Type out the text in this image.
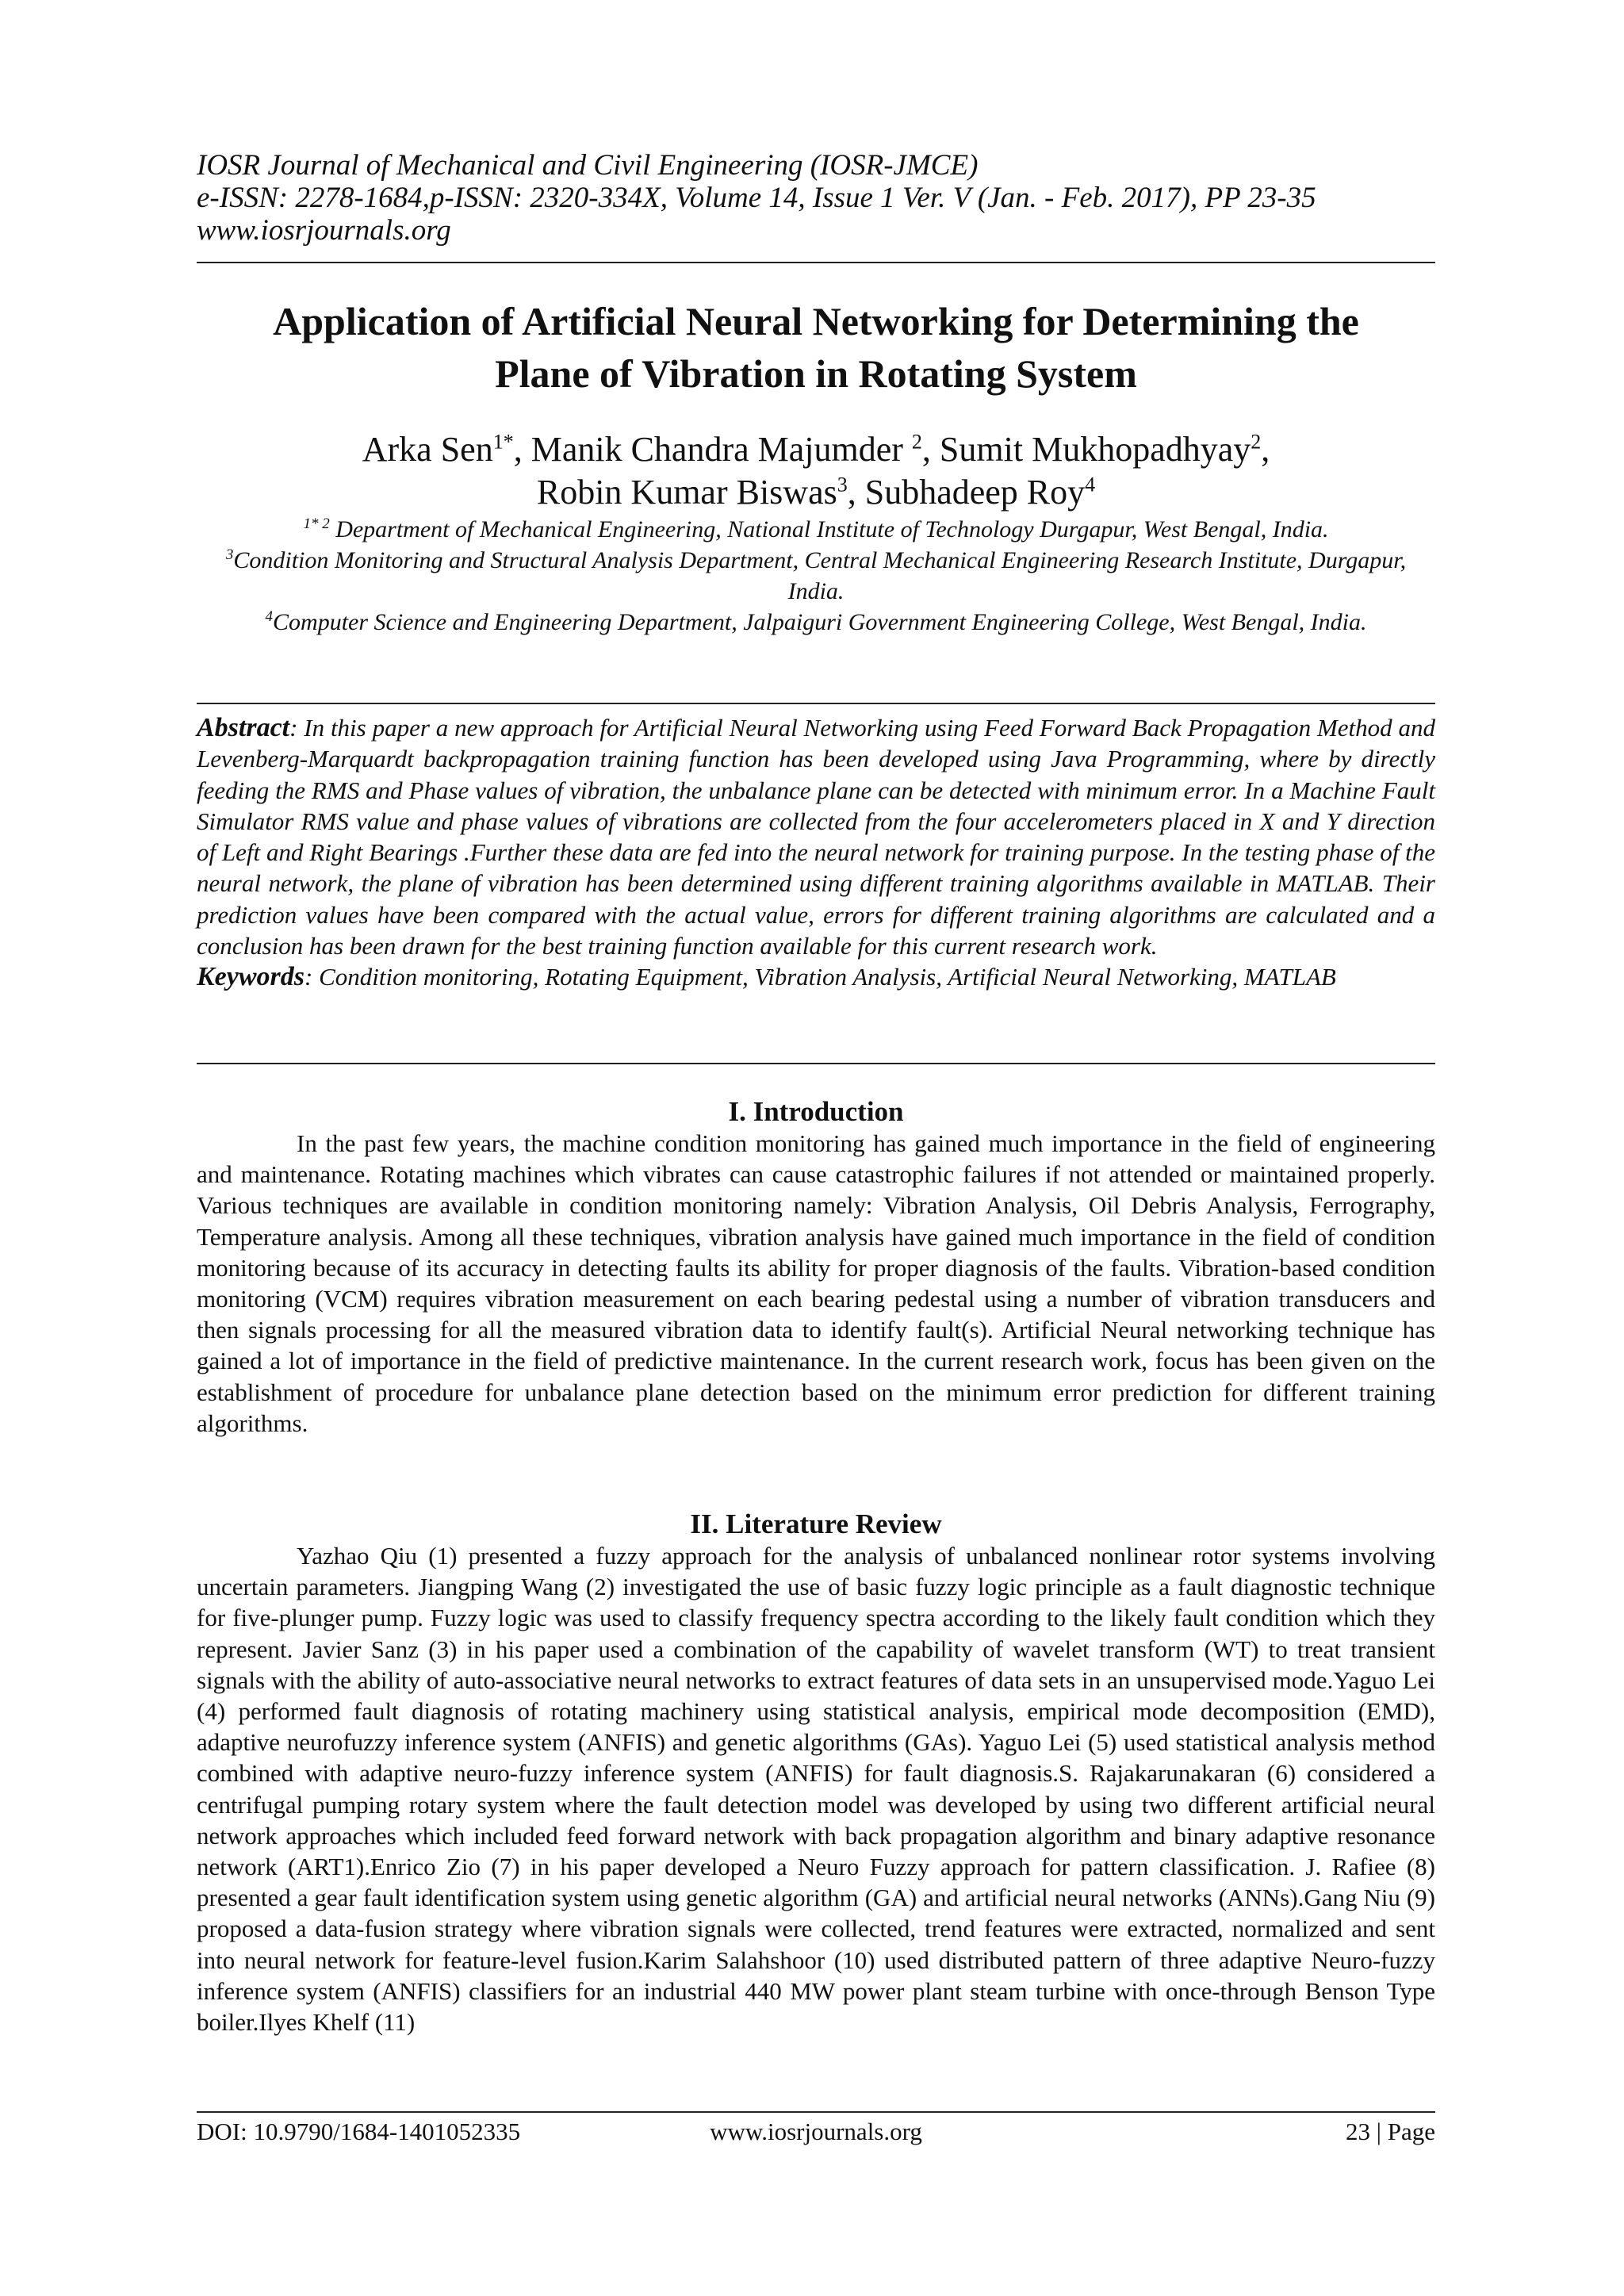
IOSR Journal of Mechanical and Civil Engineering (IOSR-JMCE)
e-ISSN: 2278-1684,p-ISSN: 2320-334X, Volume 14, Issue 1 Ver. V (Jan. - Feb. 2017), PP 23-35
www.iosrjournals.org
Application of Artificial Neural Networking for Determining the
Plane of Vibration in Rotating System
Arka Sen$^{1*}$, Manik Chandra Majumder $^2$, Sumit Mukhopadhyay$^2$,
Robin Kumar Biswas$^3$, Subhadeep Roy$^4$
$^{1* 2}$ Department of Mechanical Engineering, National Institute of Technology Durgapur, West Bengal, India.
$^3$Condition Monitoring and Structural Analysis Department, Central Mechanical Engineering Research Institute, Durgapur, India.
$^4$Computer Science and Engineering Department, Jalpaiguri Government Engineering College, West Bengal, India.
Abstract: In this paper a new approach for Artificial Neural Networking using Feed Forward Back Propagation Method and Levenberg-Marquardt backpropagation training function has been developed using Java Programming, where by directly feeding the RMS and Phase values of vibration, the unbalance plane can be detected with minimum error. In a Machine Fault Simulator RMS value and phase values of vibrations are collected from the four accelerometers placed in X and Y direction of Left and Right Bearings .Further these data are fed into the neural network for training purpose. In the testing phase of the neural network, the plane of vibration has been determined using different training algorithms available in MATLAB. Their prediction values have been compared with the actual value, errors for different training algorithms are calculated and a conclusion has been drawn for the best training function available for this current research work.
Keywords: Condition monitoring, Rotating Equipment, Vibration Analysis, Artificial Neural Networking, MATLAB
I. Introduction

In the past few years, the machine condition monitoring has gained much importance in the field of engineering and maintenance. Rotating machines which vibrates can cause catastrophic failures if not attended or maintained properly. Various techniques are available in condition monitoring namely: Vibration Analysis, Oil Debris Analysis, Ferrography, Temperature analysis. Among all these techniques, vibration analysis have gained much importance in the field of condition monitoring because of its accuracy in detecting faults its ability for proper diagnosis of the faults. Vibration-based condition monitoring (VCM) requires vibration measurement on each bearing pedestal using a number of vibration transducers and then signals processing for all the measured vibration data to identify fault(s). Artificial Neural networking technique has gained a lot of importance in the field of predictive maintenance. In the current research work, focus has been given on the establishment of procedure for unbalance plane detection based on the minimum error prediction for different training algorithms.

II. Literature Review

Yazhao Qiu (1) presented a fuzzy approach for the analysis of unbalanced nonlinear rotor systems involving uncertain parameters. Jiangping Wang (2) investigated the use of basic fuzzy logic principle as a fault diagnostic technique for five-plunger pump. Fuzzy logic was used to classify frequency spectra according to the likely fault condition which they represent. Javier Sanz (3) in his paper used a combination of the capability of wavelet transform (WT) to treat transient signals with the ability of auto-associative neural networks to extract features of data sets in an unsupervised mode.Yaguo Lei (4) performed fault diagnosis of rotating machinery using statistical analysis, empirical mode decomposition (EMD), adaptive neurofuzzy inference system (ANFIS) and genetic algorithms (GAs). Yaguo Lei (5) used statistical analysis method combined with adaptive neuro-fuzzy inference system (ANFIS) for fault diagnosis.S. Rajakarunakaran (6) considered a centrifugal pumping rotary system where the fault detection model was developed by using two different artificial neural network approaches which included feed forward network with back propagation algorithm and binary adaptive resonance network (ART1).Enrico Zio (7) in his paper developed a Neuro Fuzzy approach for pattern classification. J. Rafiee (8) presented a gear fault identification system using genetic algorithm (GA) and artificial neural networks (ANNs).Gang Niu (9) proposed a data-fusion strategy where vibration signals were collected, trend features were extracted, normalized and sent into neural network for feature-level fusion.Karim Salahshoor (10) used distributed pattern of three adaptive Neuro-fuzzy inference system (ANFIS) classifiers for an industrial 440 MW power plant steam turbine with once-through Benson Type boiler.Ilyes Khelf (11)

DOI: 10.9790/1684-1401052335	www.iosrjournals.org	23 | Page
